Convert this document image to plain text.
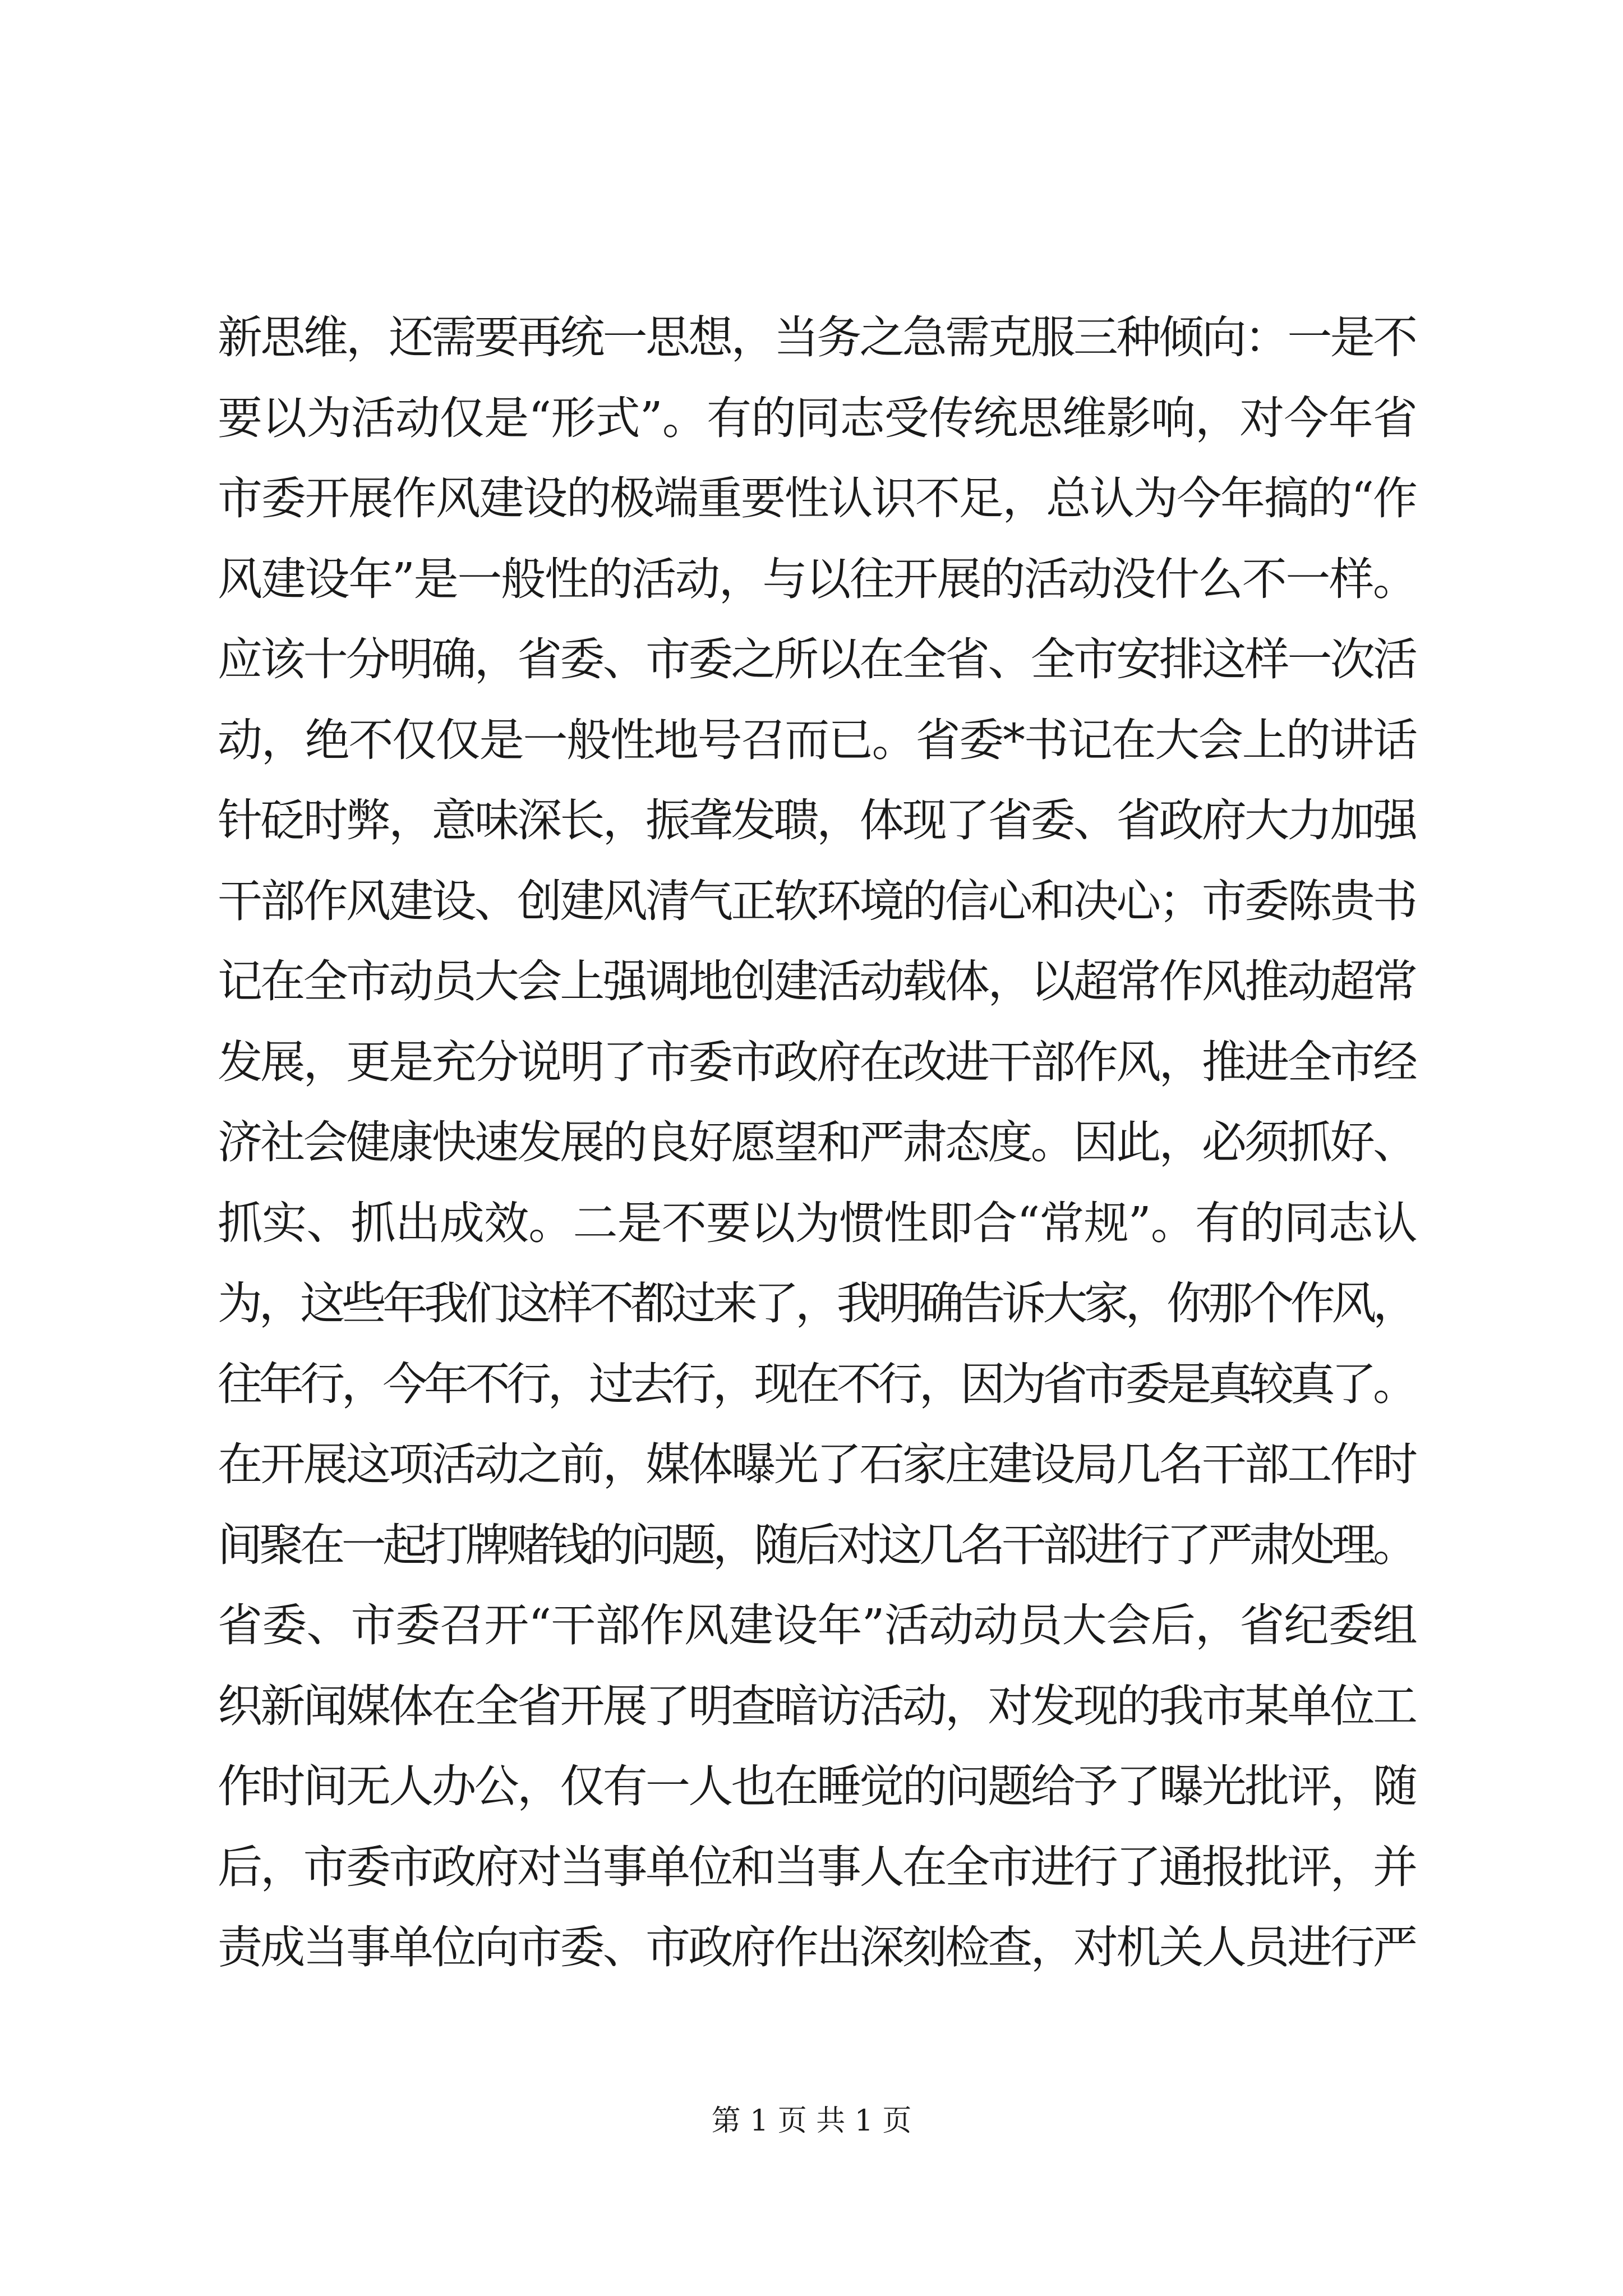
新思维，还需要再统一思想，当务之急需克服三种倾向：一是不
要以为活动仅是“形式”。有的同志受传统思维影响，对今年省
市委开展作风建设的极端重要性认识不足，总认为今年搞的“作
风建设年”是一般性的活动，与以往开展的活动没什么不一样。
应该十分明确，省委、市委之所以在全省、全市安排这样一次活
动，绝不仅仅是一般性地号召而已。省委*书记在大会上的讲话
针砭时弊，意味深长，振聋发聩，体现了省委、省政府大力加强
干部作风建设、创建风清气正软环境的信心和决心；市委陈贵书
记在全市动员大会上强调地创建活动载体，以超常作风推动超常
发展，更是充分说明了市委市政府在改进干部作风，推进全市经
济社会健康快速发展的良好愿望和严肃态度。因此，必须抓好、
抓实、抓出成效。二是不要以为惯性即合“常规”。有的同志认
为，这些年我们这样不都过来了，我明确告诉大家，你那个作风，
往年行，今年不行，过去行，现在不行，因为省市委是真较真了。
在开展这项活动之前，媒体曝光了石家庄建设局几名干部工作时
间聚在一起打牌赌钱的问题，随后对这几名干部进行了严肃处理。
省委、市委召开“干部作风建设年”活动动员大会后，省纪委组
织新闻媒体在全省开展了明查暗访活动，对发现的我市某单位工
作时间无人办公，仅有一人也在睡觉的问题给予了曝光批评，随
后，市委市政府对当事单位和当事人在全市进行了通报批评，并
责成当事单位向市委、市政府作出深刻检查，对机关人员进行严
第 1 页 共 1 页
